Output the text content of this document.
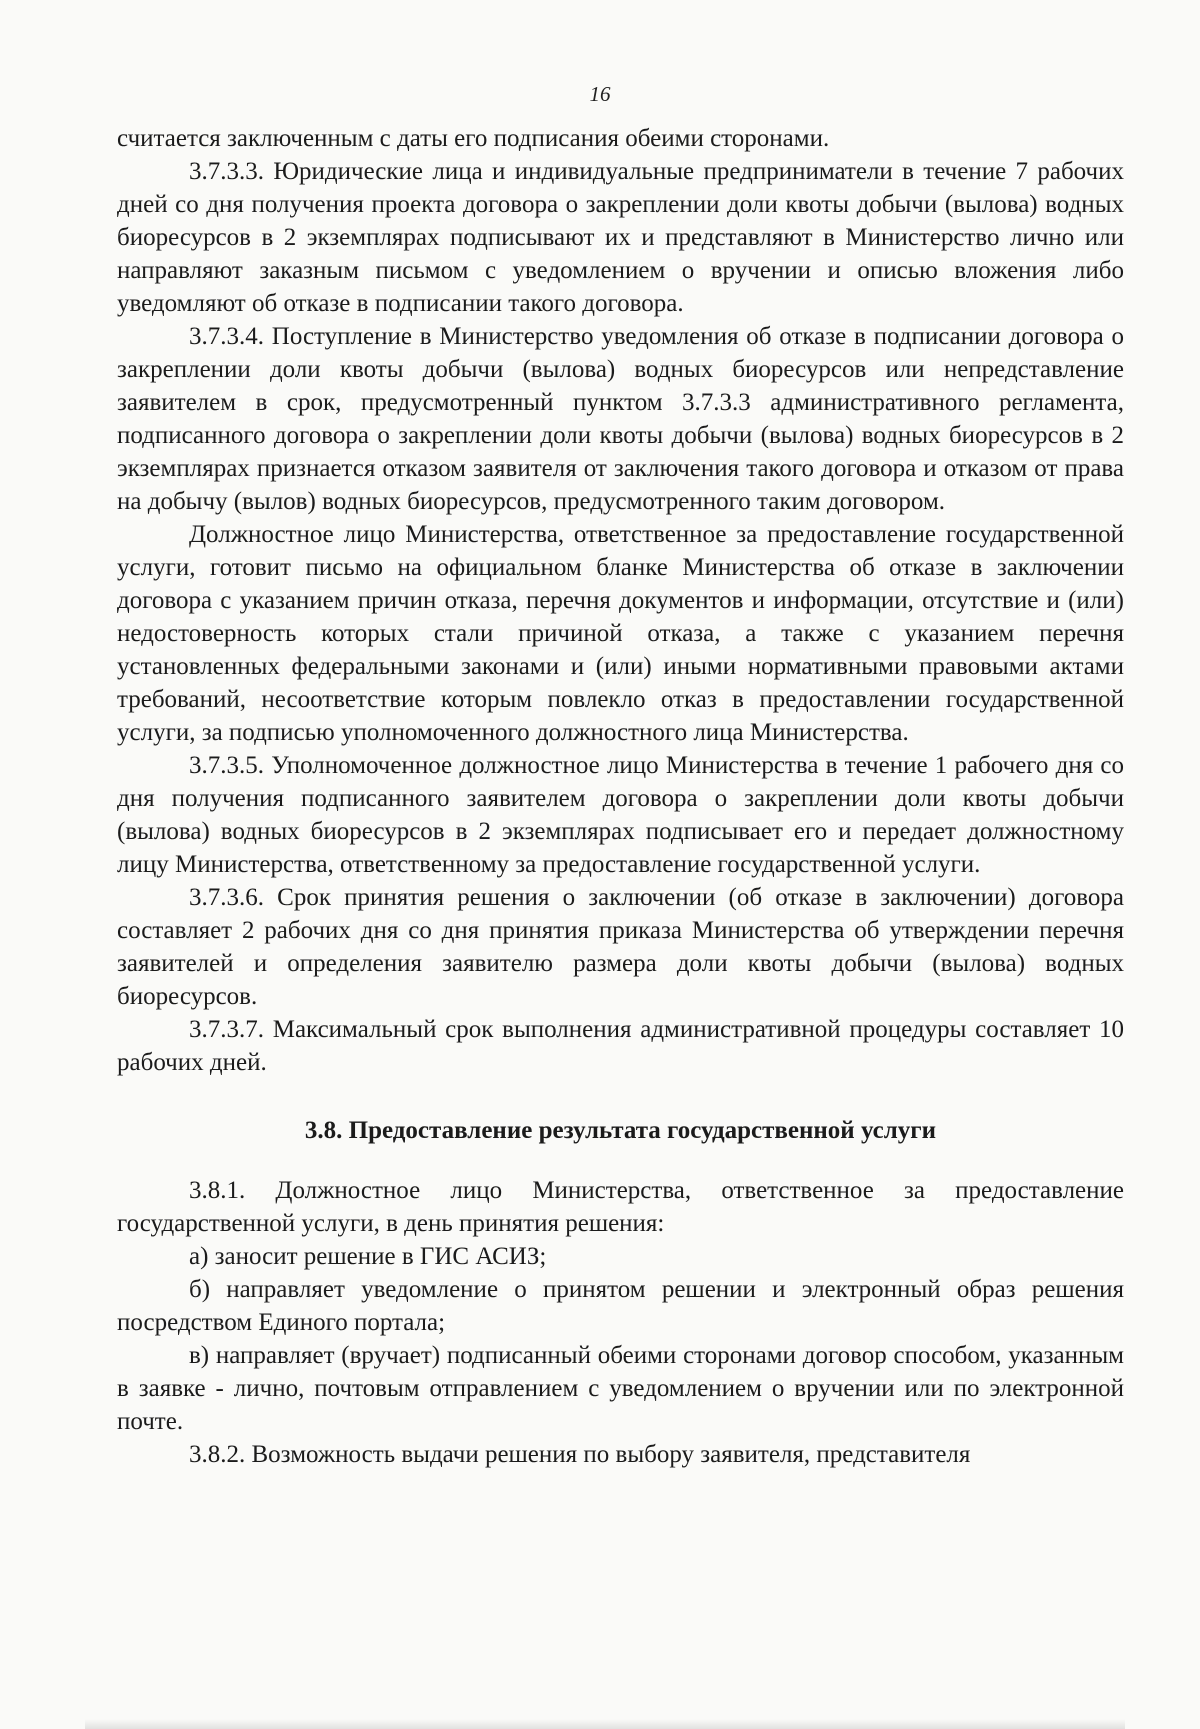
16

считается заключенным с даты его подписания обеими сторонами.

3.7.3.3. Юридические лица и индивидуальные предприниматели в течение 7 рабочих дней со дня получения проекта договора о закреплении доли квоты добычи (вылова) водных биоресурсов в 2 экземплярах подписывают их и представляют в Министерство лично или направляют заказным письмом с уведомлением о вручении и описью вложения либо уведомляют об отказе в подписании такого договора.

3.7.3.4. Поступление в Министерство уведомления об отказе в подписании договора о закреплении доли квоты добычи (вылова) водных биоресурсов или непредставление заявителем в срок, предусмотренный пунктом 3.7.3.3 административного регламента, подписанного договора о закреплении доли квоты добычи (вылова) водных биоресурсов в 2 экземплярах признается отказом заявителя от заключения такого договора и отказом от права на добычу (вылов) водных биоресурсов, предусмотренного таким договором.

Должностное лицо Министерства, ответственное за предоставление государственной услуги, готовит письмо на официальном бланке Министерства об отказе в заключении договора с указанием причин отказа, перечня документов и информации, отсутствие и (или) недостоверность которых стали причиной отказа, а также с указанием перечня установленных федеральными законами и (или) иными нормативными правовыми актами требований, несоответствие которым повлекло отказ в предоставлении государственной услуги, за подписью уполномоченного должностного лица Министерства.

3.7.3.5. Уполномоченное должностное лицо Министерства в течение 1 рабочего дня со дня получения подписанного заявителем договора о закреплении доли квоты добычи (вылова) водных биоресурсов в 2 экземплярах подписывает его и передает должностному лицу Министерства, ответственному за предоставление государственной услуги.

3.7.3.6. Срок принятия решения о заключении (об отказе в заключении) договора составляет 2 рабочих дня со дня принятия приказа Министерства об утверждении перечня заявителей и определения заявителю размера доли квоты добычи (вылова) водных биоресурсов.

3.7.3.7. Максимальный срок выполнения административной процедуры составляет 10 рабочих дней.

3.8. Предоставление результата государственной услуги

3.8.1. Должностное лицо Министерства, ответственное за предоставление государственной услуги, в день принятия решения:

а) заносит решение в ГИС АСИЗ;

б) направляет уведомление о принятом решении и электронный образ решения посредством Единого портала;

в) направляет (вручает) подписанный обеими сторонами договор способом, указанным в заявке - лично, почтовым отправлением с уведомлением о вручении или по электронной почте.

3.8.2. Возможность выдачи решения по выбору заявителя, представителя
